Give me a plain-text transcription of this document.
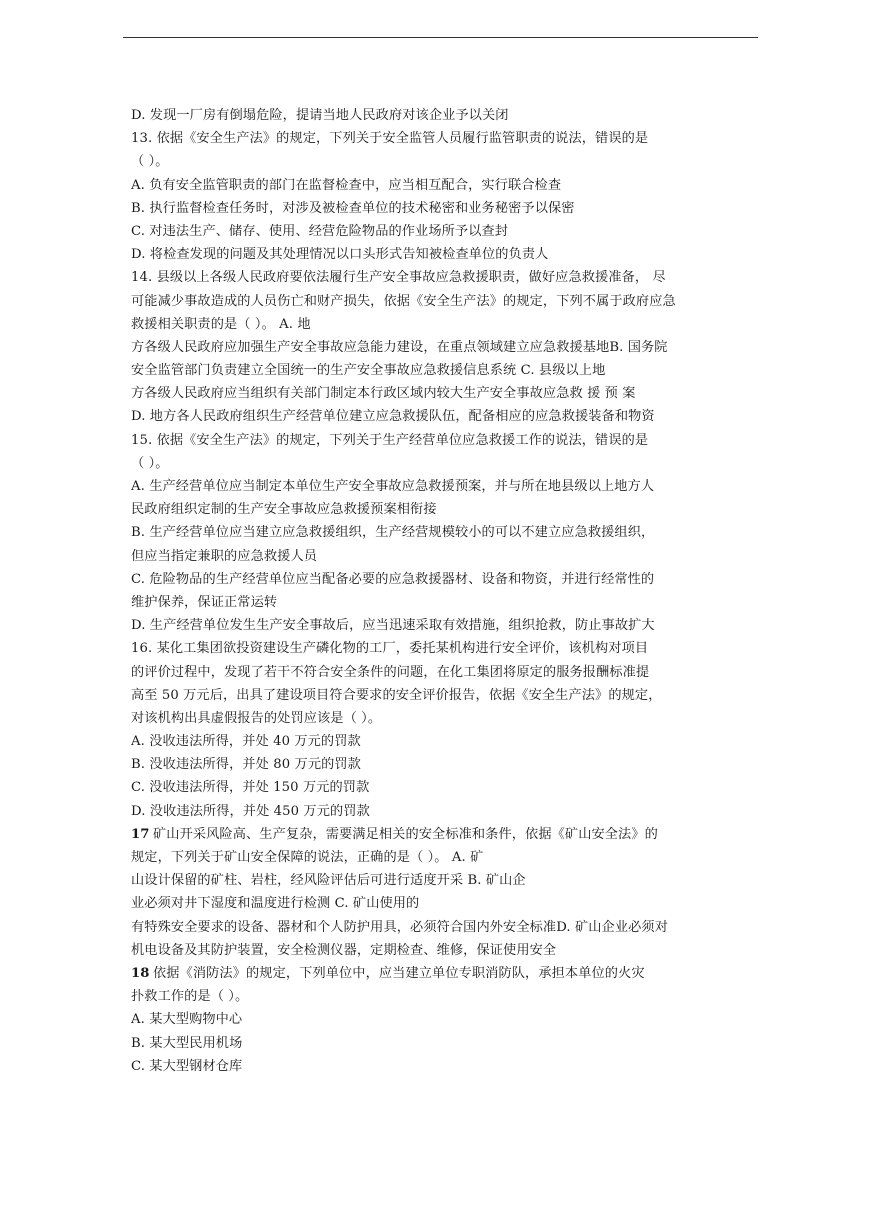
D. 发现一厂房有倒塌危险，提请当地人民政府对该企业予以关闭
13. 依据《安全生产法》的规定，下列关于安全监管人员履行监管职责的说法，错误的是
（ ）。
A. 负有安全监管职责的部门在监督检查中，应当相互配合，实行联合检查
B. 执行监督检查任务时，对涉及被检查单位的技术秘密和业务秘密予以保密
C. 对违法生产、储存、使用、经营危险物品的作业场所予以查封
D. 将检查发现的问题及其处理情况以口头形式告知被检查单位的负责人
14. 县级以上各级人民政府要依法履行生产安全事故应急救援职责，做好应急救援准备， 尽
可能减少事故造成的人员伤亡和财产损失，依据《安全生产法》的规定，下列不属于政府应急
救援相关职责的是（ ）。 A. 地
方各级人民政府应加强生产安全事故应急能力建设，在重点领域建立应急救援基地B. 国务院
安全监管部门负责建立全国统一的生产安全事故应急救援信息系统 C. 县级以上地
方各级人民政府应当组织有关部门制定本行政区域内较大生产安全事故应急救 援 预 案
D. 地方各人民政府组织生产经营单位建立应急救援队伍，配备相应的应急救援装备和物资
15. 依据《安全生产法》的规定，下列关于生产经营单位应急救援工作的说法，错误的是
（ ）。
A. 生产经营单位应当制定本单位生产安全事故应急救援预案，并与所在地县级以上地方人
民政府组织定制的生产安全事故应急救援预案相衔接
B. 生产经营单位应当建立应急救援组织，生产经营规模较小的可以不建立应急救援组织，
但应当指定兼职的应急救援人员
C. 危险物品的生产经营单位应当配备必要的应急救援器材、设备和物资，并进行经常性的
维护保养，保证正常运转
D. 生产经营单位发生生产安全事故后，应当迅速采取有效措施，组织抢救，防止事故扩大
16. 某化工集团欲投资建设生产磷化物的工厂，委托某机构进行安全评价，该机构对项目
的评价过程中，发现了若干不符合安全条件的问题，在化工集团将原定的服务报酬标准提
高至 50 万元后，出具了建设项目符合要求的安全评价报告，依据《安全生产法》的规定，
对该机构出具虚假报告的处罚应该是（ ）。
A. 没收违法所得，并处 40 万元的罚款
B. 没收违法所得，并处 80 万元的罚款
C. 没收违法所得，并处 150 万元的罚款
D. 没收违法所得，并处 450 万元的罚款
17 矿山开采风险高、生产复杂，需要满足相关的安全标准和条件，依据《矿山安全法》的
规定，下列关于矿山安全保障的说法，正确的是（ ）。 A. 矿
山设计保留的矿柱、岩柱，经风险评估后可进行适度开采 B. 矿山企
业必须对井下湿度和温度进行检测 C. 矿山使用的
有特殊安全要求的设备、器材和个人防护用具，必须符合国内外安全标准D. 矿山企业必须对
机电设备及其防护装置，安全检测仪器，定期检查、维修，保证使用安全
18 依据《消防法》的规定，下列单位中，应当建立单位专职消防队，承担本单位的火灾
扑救工作的是（ ）。
A. 某大型购物中心
B. 某大型民用机场
C. 某大型钢材仓库
